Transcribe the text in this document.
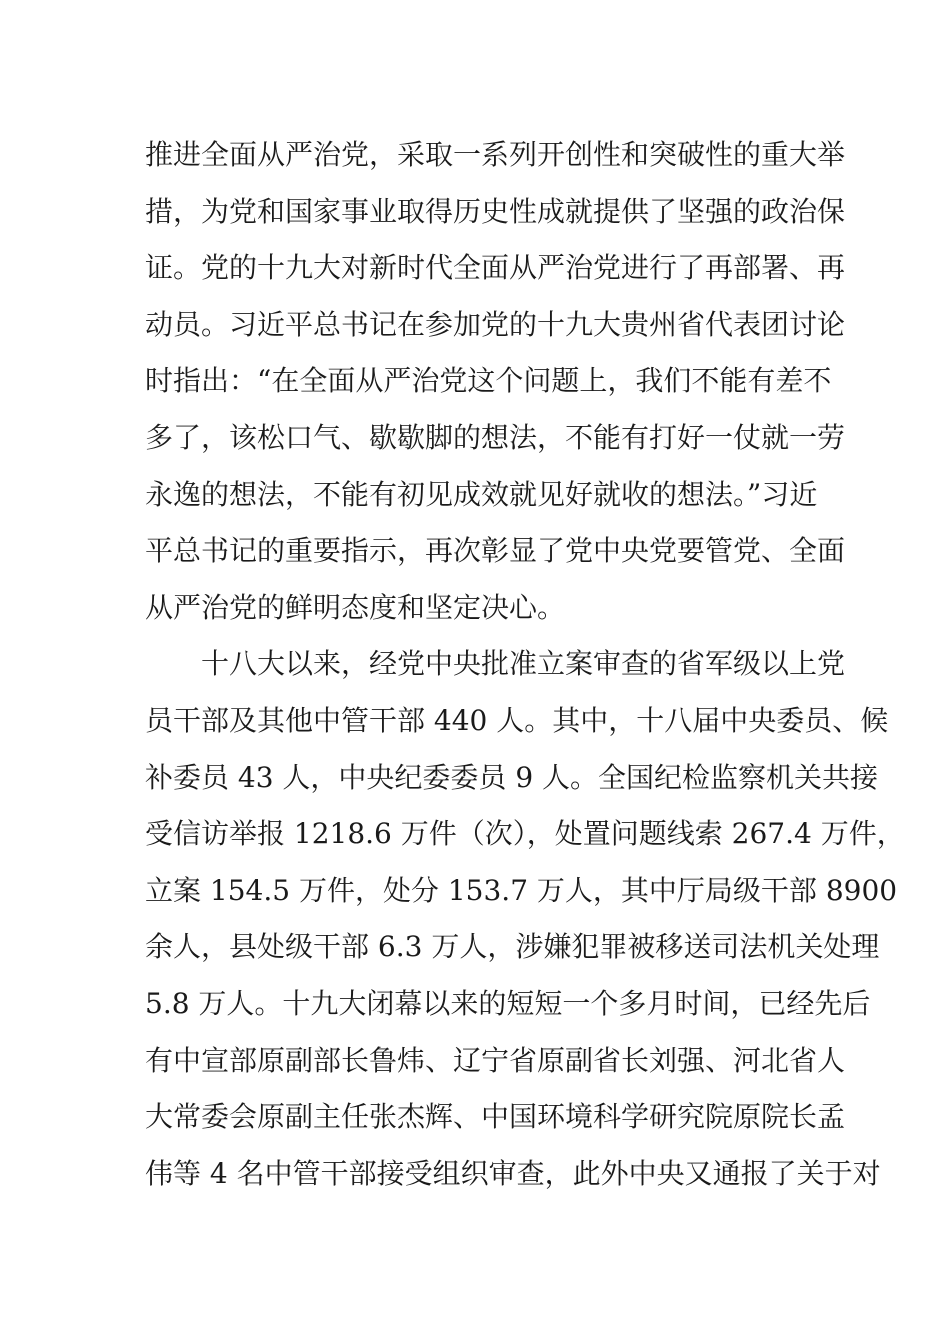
推进全面从严治党，采取一系列开创性和突破性的重大举
措，为党和国家事业取得历史性成就提供了坚强的政治保
证。党的十九大对新时代全面从严治党进行了再部署、再
动员。习近平总书记在参加党的十九大贵州省代表团讨论
时指出：“在全面从严治党这个问题上，我们不能有差不
多了，该松口气、歇歇脚的想法，不能有打好一仗就一劳
永逸的想法，不能有初见成效就见好就收的想法。”习近
平总书记的重要指示，再次彰显了党中央党要管党、全面
从严治党的鲜明态度和坚定决心。
十八大以来，经党中央批准立案审查的省军级以上党
员干部及其他中管干部 440 人。其中，十八届中央委员、候
补委员 43 人，中央纪委委员 9 人。全国纪检监察机关共接
受信访举报 1218.6 万件（次），处置问题线索 267.4 万件，
立案 154.5 万件，处分 153.7 万人，其中厅局级干部 8900
余人，县处级干部 6.3 万人，涉嫌犯罪被移送司法机关处理
5.8 万人。十九大闭幕以来的短短一个多月时间，已经先后
有中宣部原副部长鲁炜、辽宁省原副省长刘强、河北省人
大常委会原副主任张杰辉、中国环境科学研究院原院长孟
伟等 4 名中管干部接受组织审查，此外中央又通报了关于对
